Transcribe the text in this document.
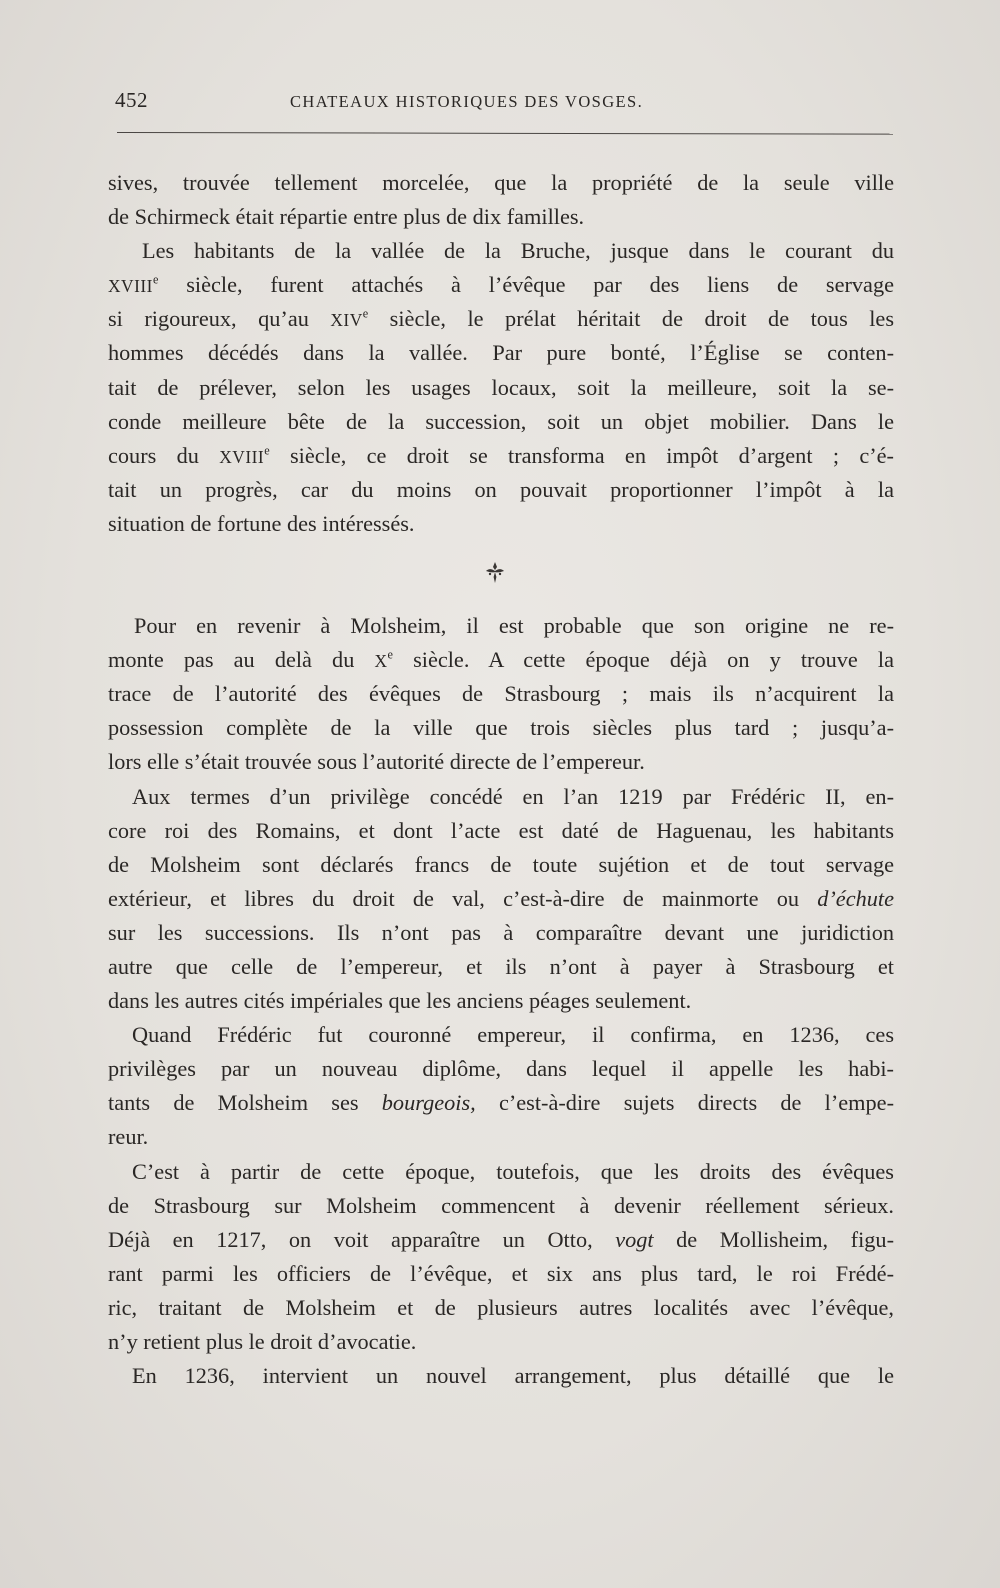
452	CHATEAUX HISTORIQUES DES VOSGES.

sives, trouvée tellement morcelée, que la propriété de la seule ville
de Schirmeck était répartie entre plus de dix familles.

Les habitants de la vallée de la Bruche, jusque dans le courant du
XVIIIe siècle, furent attachés à l’évêque par des liens de servage
si rigoureux, qu’au XIVe siècle, le prélat héritait de droit de tous les
hommes décédés dans la vallée. Par pure bonté, l’Église se conten-
tait de prélever, selon les usages locaux, soit la meilleure, soit la se-
conde meilleure bête de la succession, soit un objet mobilier. Dans le
cours du XVIIIe siècle, ce droit se transforma en impôt d’argent ; c’é-
tait un progrès, car du moins on pouvait proportionner l’impôt à la
situation de fortune des intéressés.

Pour en revenir à Molsheim, il est probable que son origine ne re-
monte pas au delà du Xe siècle. A cette époque déjà on y trouve la
trace de l’autorité des évêques de Strasbourg ; mais ils n’acquirent la
possession complète de la ville que trois siècles plus tard ; jusqu’a-
lors elle s’était trouvée sous l’autorité directe de l’empereur.

Aux termes d’un privilège concédé en l’an 1219 par Frédéric II, en-
core roi des Romains, et dont l’acte est daté de Haguenau, les habitants
de Molsheim sont déclarés francs de toute sujétion et de tout servage
extérieur, et libres du droit de val, c’est-à-dire de mainmorte ou d’échute
sur les successions. Ils n’ont pas à comparaître devant une juridiction
autre que celle de l’empereur, et ils n’ont à payer à Strasbourg et
dans les autres cités impériales que les anciens péages seulement.

Quand Frédéric fut couronné empereur, il confirma, en 1236, ces
privilèges par un nouveau diplôme, dans lequel il appelle les habi-
tants de Molsheim ses bourgeois, c’est-à-dire sujets directs de l’empe-
reur.

C’est à partir de cette époque, toutefois, que les droits des évêques
de Strasbourg sur Molsheim commencent à devenir réellement sérieux.
Déjà en 1217, on voit apparaître un Otto, vogt de Mollisheim, figu-
rant parmi les officiers de l’évêque, et six ans plus tard, le roi Frédé-
ric, traitant de Molsheim et de plusieurs autres localités avec l’évêque,
n’y retient plus le droit d’avocatie.

En 1236, intervient un nouvel arrangement, plus détaillé que le
